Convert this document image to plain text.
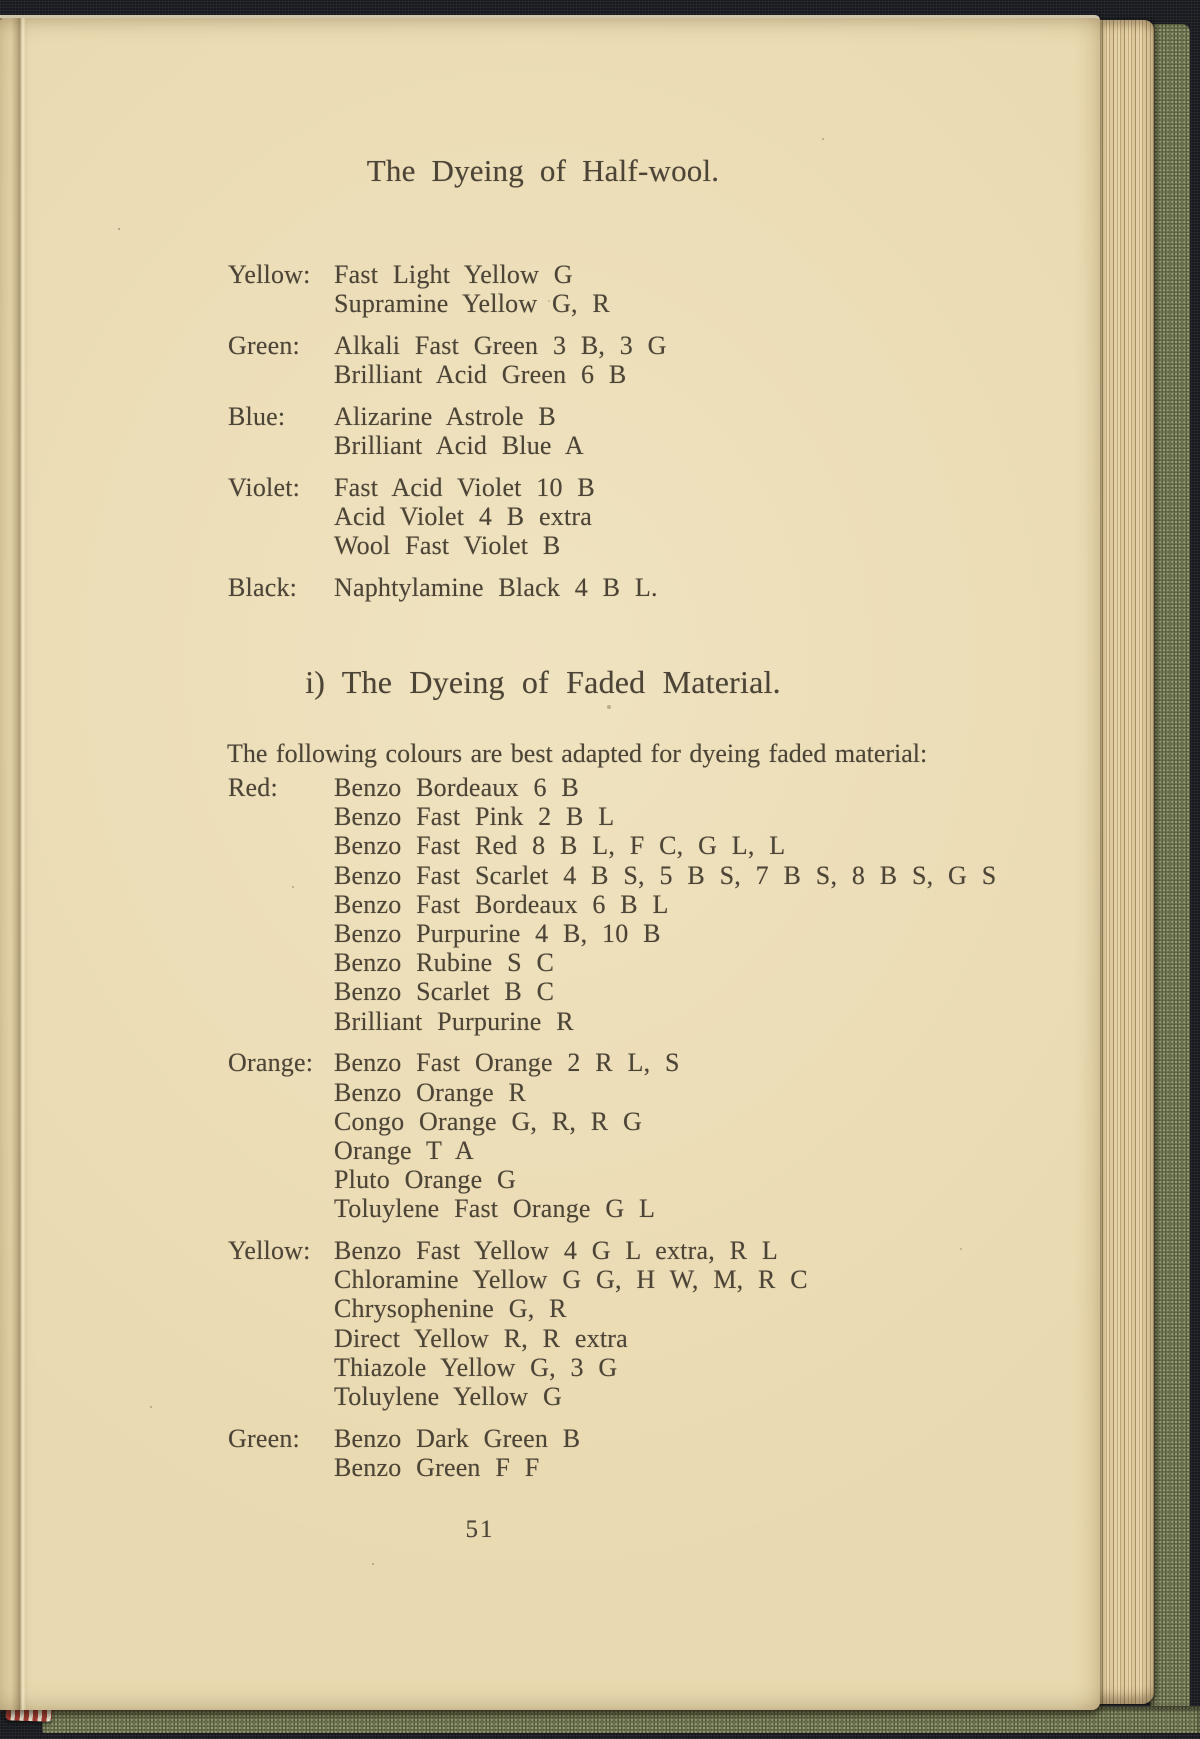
The Dyeing of Half-wool.
Yellow: Fast Light Yellow G
Supramine Yellow G, R
Green:	Alkali Fast Green 3 B, 3 G
Brilliant Acid Green 6 B
Blue:	Alizarine Astrole B
Brilliant Acid Blue A
Violet:	Fast Acid Violet 10 B
Acid Violet 4 B extra
Wool Fast Violet B
Black:	Naphtylamine Black 4 B L.
i) The Dyeing of Faded Material.
The following colours are best adapted for dyeing faded material:
Red:	Benzo Bordeaux 6 B
Benzo Fast Pink 2 B L
Benzo Fast Red 8 B L, F C, G L, L
Benzo Fast Scarlet 4 B S, 5 B S, 7 B S, 8 B S, G S
Benzo Fast Bordeaux 6 B L
Benzo Purpurine 4 B, 10 B
Benzo Rubine S C
Benzo Scarlet B C
Brilliant Purpurine R
Orange: Benzo Fast Orange 2 R L, S
Benzo Orange R
Congo Orange G, R, R G
Orange T A
Pluto Orange G
Toluylene Fast Orange G L
Yellow: Benzo Fast Yellow 4 G L extra, R L
Chloramine Yellow G G, H W, M, R C
Chrysophenine G, R
Direct Yellow R, R extra
Thiazole Yellow G, 3 G
Toluylene Yellow G
Green:	Benzo Dark Green B
Benzo Green F F
51
